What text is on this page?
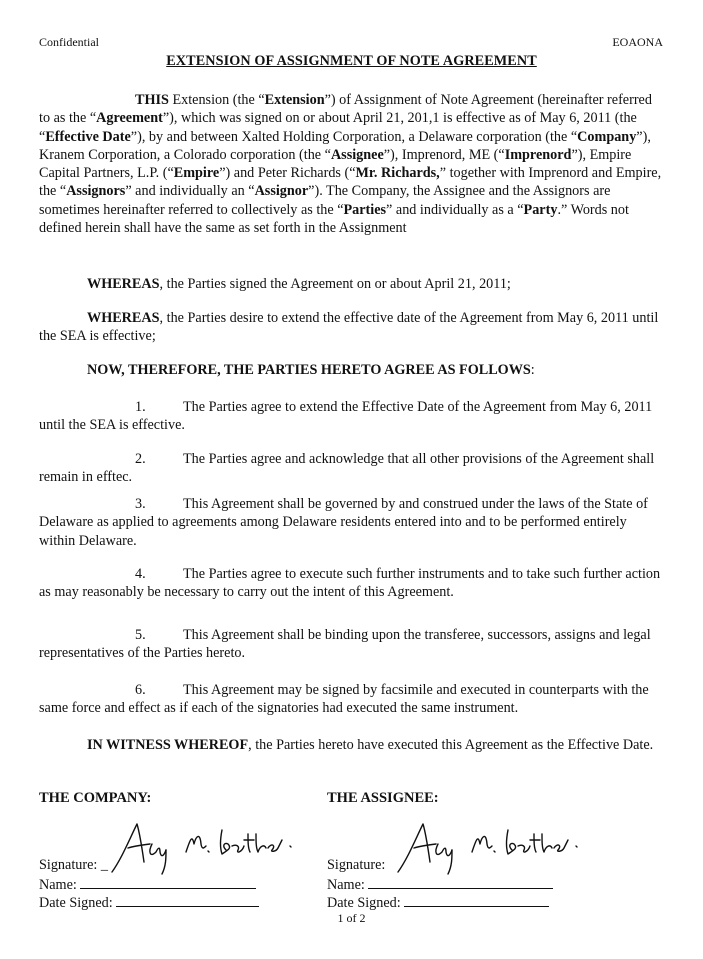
Confidential	EOAONA
EXTENSION OF ASSIGNMENT OF NOTE AGREEMENT

THIS Extension (the “Extension”) of Assignment of Note Agreement (hereinafter referred to as the “Agreement”), which was signed on or about April 21, 201,1 is effective as of May 6, 2011 (the “Effective Date”), by and between Xalted Holding Corporation, a Delaware corporation (the “Company”), Kranem Corporation, a Colorado corporation (the “Assignee”), Imprenord, ME (“Imprenord”), Empire Capital Partners, L.P. (“Empire”) and Peter Richards (“Mr. Richards,” together with Imprenord and Empire, the “Assignors” and individually an “Assignor”). The Company, the Assignee and the Assignors are sometimes hereinafter referred to collectively as the “Parties” and individually as a “Party.” Words not defined herein shall have the same as set forth in the Assignment

WHEREAS, the Parties signed the Agreement on or about April 21, 2011;

WHEREAS, the Parties desire to extend the effective date of the Agreement from May 6, 2011 until the SEA is effective;

NOW, THEREFORE, THE PARTIES HERETO AGREE AS FOLLOWS:

1.	The Parties agree to extend the Effective Date of the Agreement from May 6, 2011 until the SEA is effective.

2.	The Parties agree and acknowledge that all other provisions of the Agreement shall remain in efftec.

3.	This Agreement shall be governed by and construed under the laws of the State of Delaware as applied to agreements among Delaware residents entered into and to be performed entirely within Delaware.

4.	The Parties agree to execute such further instruments and to take such further action as may reasonably be necessary to carry out the intent of this Agreement.

5.	This Agreement shall be binding upon the transferee, successors, assigns and legal representatives of the Parties hereto.

6.	This Agreement may be signed by facsimile and executed in counterparts with the same force and effect as if each of the signatories had executed the same instrument.

IN WITNESS WHEREOF, the Parties hereto have executed this Agreement as the Effective Date.

THE COMPANY:	THE ASSIGNEE:
Signature: _
Name:
Date Signed:
Signature:
Name:
Date Signed:
1 of 2
